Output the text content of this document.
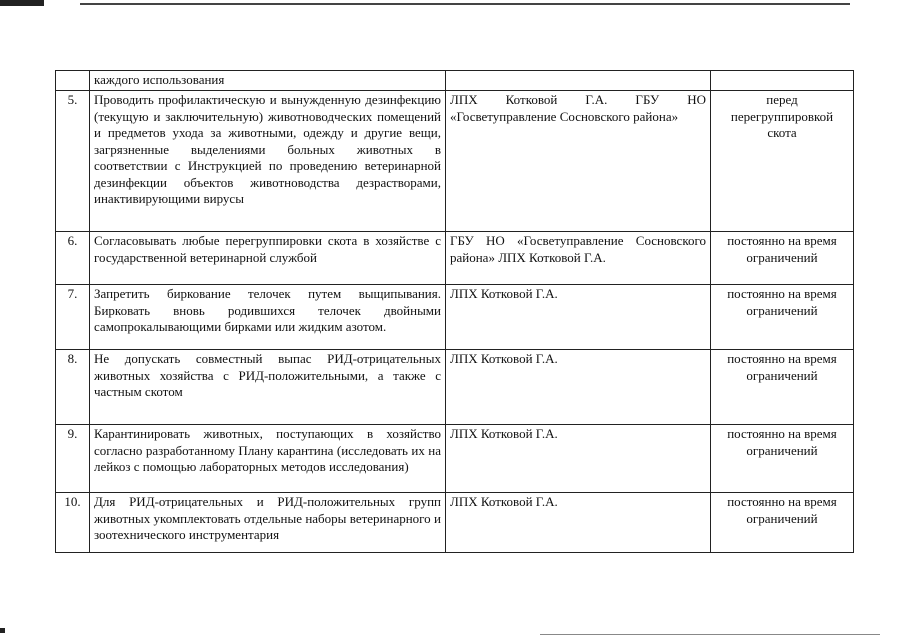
	каждого использования		
5.	Проводить профилактическую и вынужденную дезинфекцию (текущую и заключительную) животноводческих помещений и предметов ухода за животными, одежду и другие вещи, загрязненные выделениями больных животных в соответствии с Инструкцией по проведению ветеринарной дезинфекции объектов животноводства дезрастворами, инактивирующими вирусы	ЛПХ Котковой Г.А. ГБУ НО «Госветуправление Сосновского района»	перед перегруппировкой скота
6.	Согласовывать любые перегруппировки скота в хозяйстве с государственной ветеринарной службой	ГБУ НО «Госветуправление Сосновского района» ЛПХ Котковой Г.А.	постоянно на время ограничений
7.	Запретить биркование телочек путем выщипывания. Бирковать вновь родившихся телочек двойными самопрокалывающими бирками или жидким азотом.	ЛПХ Котковой Г.А.	постоянно на время ограничений
8.	Не допускать совместный выпас РИД-отрицательных животных хозяйства с РИД-положительными, а также с частным скотом	ЛПХ Котковой Г.А.	постоянно на время ограничений
9.	Карантинировать животных, поступающих в хозяйство согласно разработанному Плану карантина (исследовать их на лейкоз с помощью лабораторных методов исследования)	ЛПХ Котковой Г.А.	постоянно на время ограничений
10.	Для РИД-отрицательных и РИД-положительных групп животных укомплектовать отдельные наборы ветеринарного и зоотехнического инструментария	ЛПХ Котковой Г.А.	постоянно на время ограничений
